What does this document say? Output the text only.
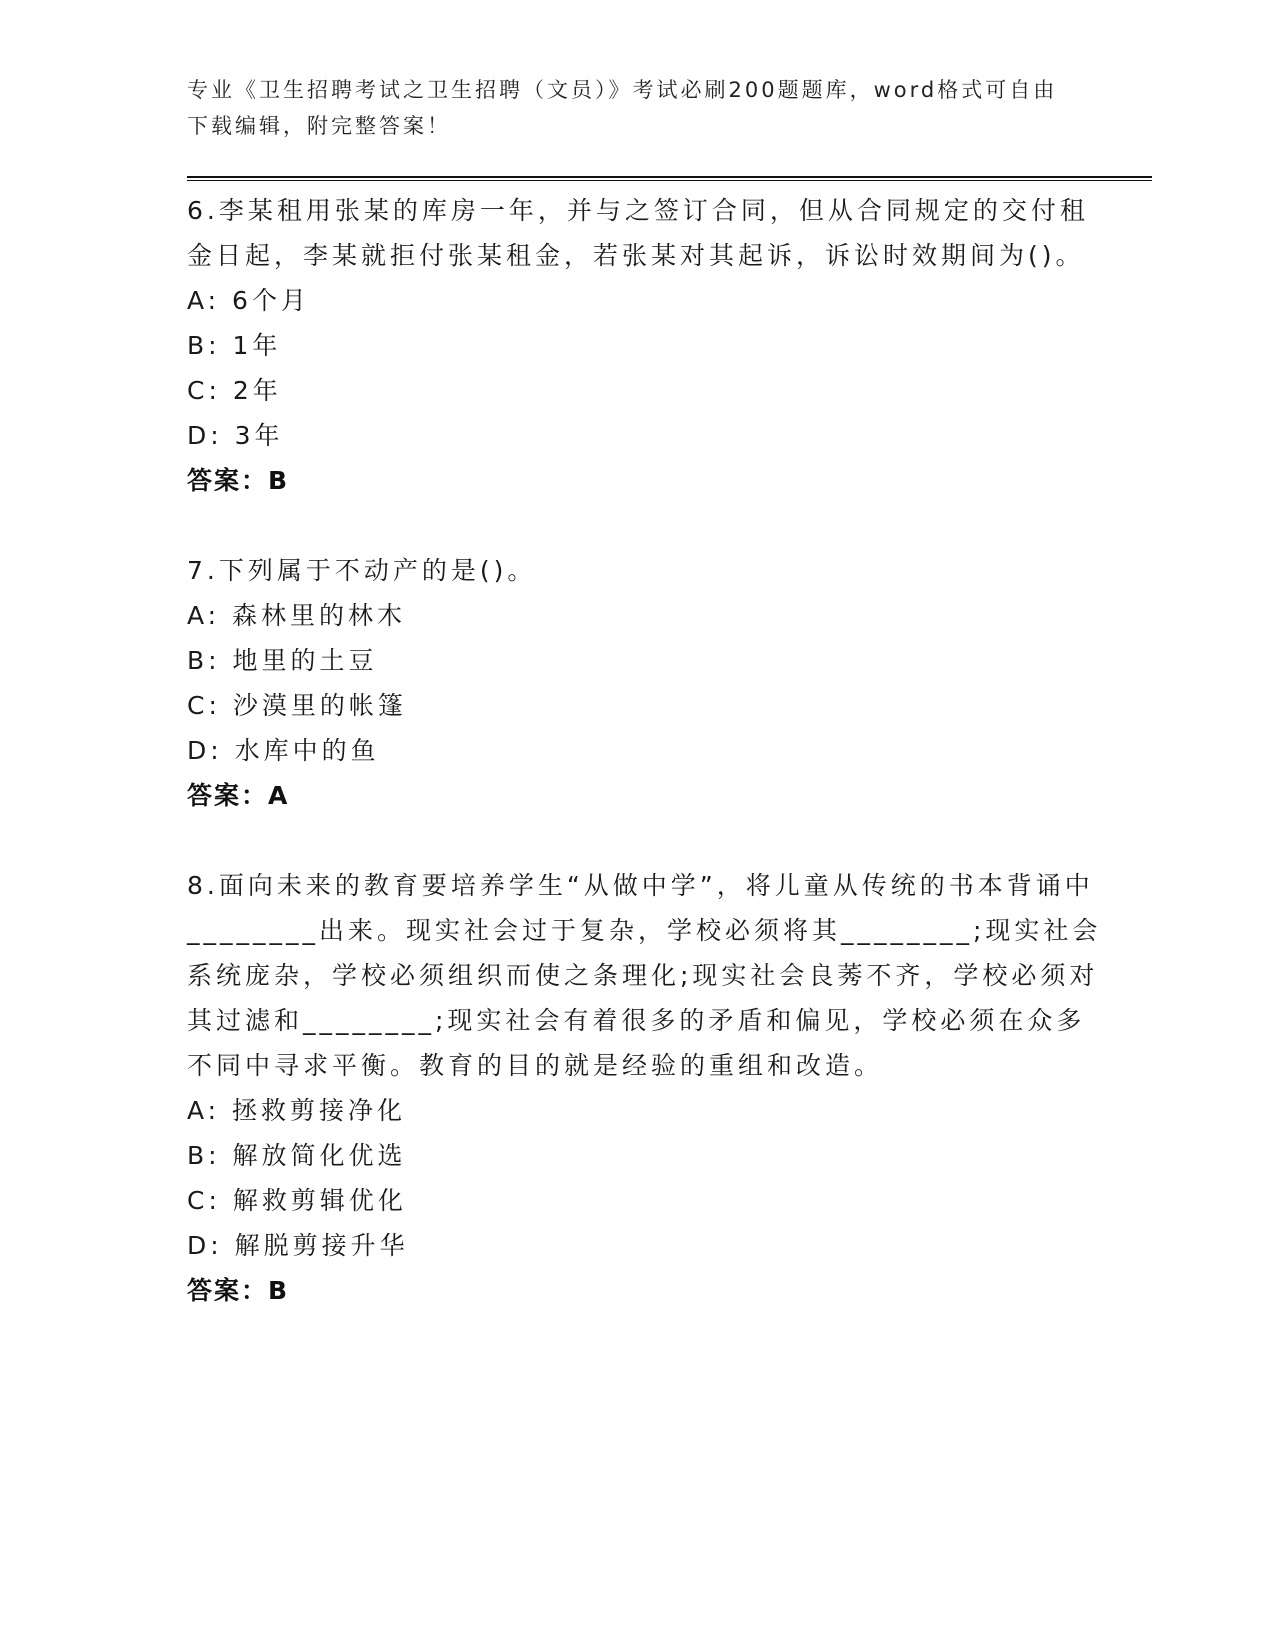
专业《卫生招聘考试之卫生招聘（文员）》考试必刷200题题库，word格式可自由下载编辑，附完整答案！
6.李某租用张某的库房一年，并与之签订合同，但从合同规定的交付租金日起，李某就拒付张某租金，若张某对其起诉，诉讼时效期间为()。
A: 6个月
B: 1年
C: 2年
D: 3年
答案：B
7.下列属于不动产的是()。
A: 森林里的林木
B: 地里的土豆
C: 沙漠里的帐篷
D: 水库中的鱼
答案：A
8.面向未来的教育要培养学生“从做中学”，将儿童从传统的书本背诵中________出来。现实社会过于复杂，学校必须将其________;现实社会系统庞杂，学校必须组织而使之条理化;现实社会良莠不齐，学校必须对其过滤和________;现实社会有着很多的矛盾和偏见，学校必须在众多不同中寻求平衡。教育的目的就是经验的重组和改造。
A: 拯救剪接净化
B: 解放简化优选
C: 解救剪辑优化
D: 解脱剪接升华
答案：B
